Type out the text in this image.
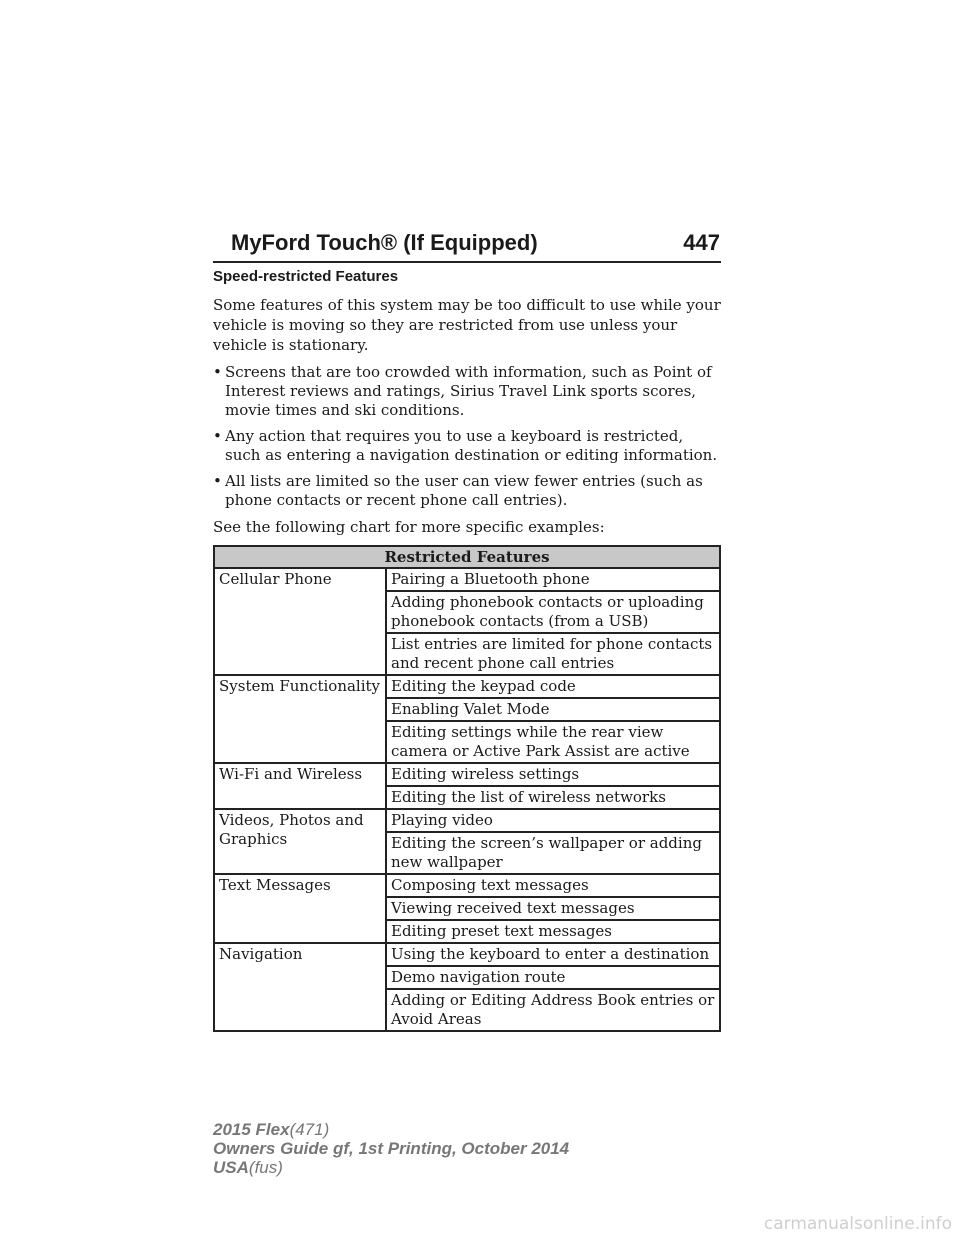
MyFord Touch® (If Equipped)	447
Speed-restricted Features

Some features of this system may be too difficult to use while your vehicle is moving so they are restricted from use unless your vehicle is stationary.

• Screens that are too crowded with information, such as Point of Interest reviews and ratings, Sirius Travel Link sports scores, movie times and ski conditions.
• Any action that requires you to use a keyboard is restricted, such as entering a navigation destination or editing information.
• All lists are limited so the user can view fewer entries (such as phone contacts or recent phone call entries).

See the following chart for more specific examples:

Restricted Features	
Cellular Phone	Pairing a Bluetooth phone
	Adding phonebook contacts or uploading phonebook contacts (from a USB)
	List entries are limited for phone contacts and recent phone call entries
System Functionality	Editing the keypad code
	Enabling Valet Mode
	Editing settings while the rear view camera or Active Park Assist are active
Wi-Fi and Wireless	Editing wireless settings
	Editing the list of wireless networks
Videos, Photos and Graphics	Playing video
	Editing the screen’s wallpaper or adding new wallpaper
Text Messages	Composing text messages
	Viewing received text messages
	Editing preset text messages
Navigation	Using the keyboard to enter a destination
	Demo navigation route
	Adding or Editing Address Book entries or Avoid Areas
2015 Flex(471)
Owners Guide gf, 1st Printing, October 2014
USA(fus)
carmanualsonline.info
